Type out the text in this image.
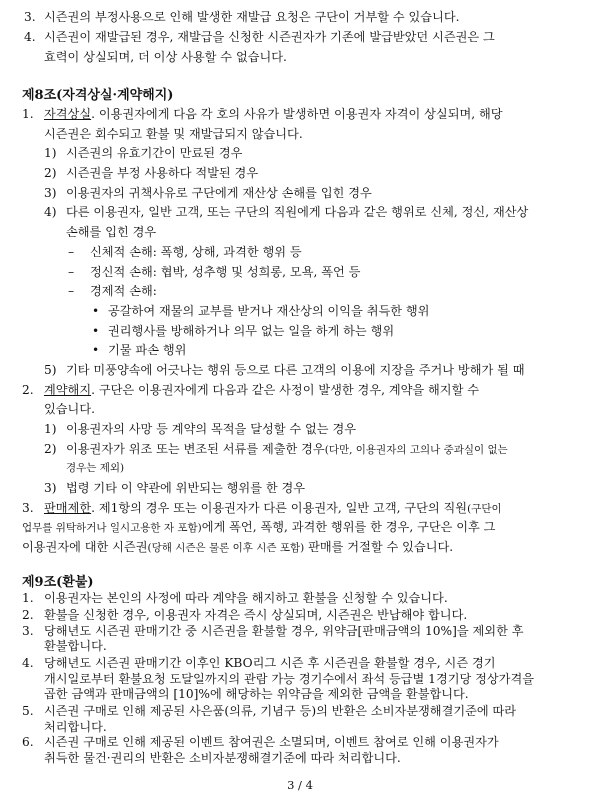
3. 시즌권의 부정사용으로 인해 발생한 재발급 요청은 구단이 거부할 수 있습니다.
4. 시즌권이 재발급된 경우, 재발급을 신청한 시즌권자가 기존에 발급받았던 시즌권은 그
효력이 상실되며, 더 이상 사용할 수 없습니다.
제8조(자격상실·계약해지)
1. 자격상실. 이용권자에게 다음 각 호의 사유가 발생하면 이용권자 자격이 상실되며, 해당
시즌권은 회수되고 환불 및 재발급되지 않습니다.
1) 시즌권의 유효기간이 만료된 경우
2) 시즌권을 부정 사용하다 적발된 경우
3) 이용권자의 귀책사유로 구단에게 재산상 손해를 입힌 경우
4) 다른 이용권자, 일반 고객, 또는 구단의 직원에게 다음과 같은 행위로 신체, 정신, 재산상
손해를 입힌 경우
– 신체적 손해: 폭행, 상해, 과격한 행위 등
– 정신적 손해: 협박, 성추행 및 성희롱, 모욕, 폭언 등
– 경제적 손해:
• 공갈하여 재물의 교부를 받거나 재산상의 이익을 취득한 행위
• 권리행사를 방해하거나 의무 없는 일을 하게 하는 행위
• 기물 파손 행위
5) 기타 미풍양속에 어긋나는 행위 등으로 다른 고객의 이용에 지장을 주거나 방해가 될 때
2. 계약해지. 구단은 이용권자에게 다음과 같은 사정이 발생한 경우, 계약을 해지할 수
있습니다.
1) 이용권자의 사망 등 계약의 목적을 달성할 수 없는 경우
2) 이용권자가 위조 또는 변조된 서류를 제출한 경우(다만, 이용권자의 고의나 중과실이 없는
경우는 제외)
3) 법령 기타 이 약관에 위반되는 행위를 한 경우
3. 판매제한. 제1항의 경우 또는 이용권자가 다른 이용권자, 일반 고객, 구단의 직원(구단이
업무를 위탁하거나 일시고용한 자 포함)에게 폭언, 폭행, 과격한 행위를 한 경우, 구단은 이후 그
이용권자에 대한 시즌권(당해 시즌은 물론 이후 시즌 포함) 판매를 거절할 수 있습니다.
제9조(환불)
1. 이용권자는 본인의 사정에 따라 계약을 해지하고 환불을 신청할 수 있습니다.
2. 환불을 신청한 경우, 이용권자 자격은 즉시 상실되며, 시즌권은 반납해야 합니다.
3. 당해년도 시즌권 판매기간 중 시즌권을 환불할 경우, 위약금[판매금액의 10%]을 제외한 후
환불합니다.
4. 당해년도 시즌권 판매기간 이후인 KBO리그 시즌 후 시즌권을 환불할 경우, 시즌 경기
개시일로부터 환불요청 도달일까지의 관람 가능 경기수에서 좌석 등급별 1경기당 정상가격을
곱한 금액과 판매금액의 [10]%에 해당하는 위약금을 제외한 금액을 환불합니다.
5. 시즌권 구매로 인해 제공된 사은품(의류, 기념구 등)의 반환은 소비자분쟁해결기준에 따라
처리합니다.
6. 시즌권 구매로 인해 제공된 이벤트 참여권은 소멸되며, 이벤트 참여로 인해 이용권자가
취득한 물건·권리의 반환은 소비자분쟁해결기준에 따라 처리합니다.
3 / 4
